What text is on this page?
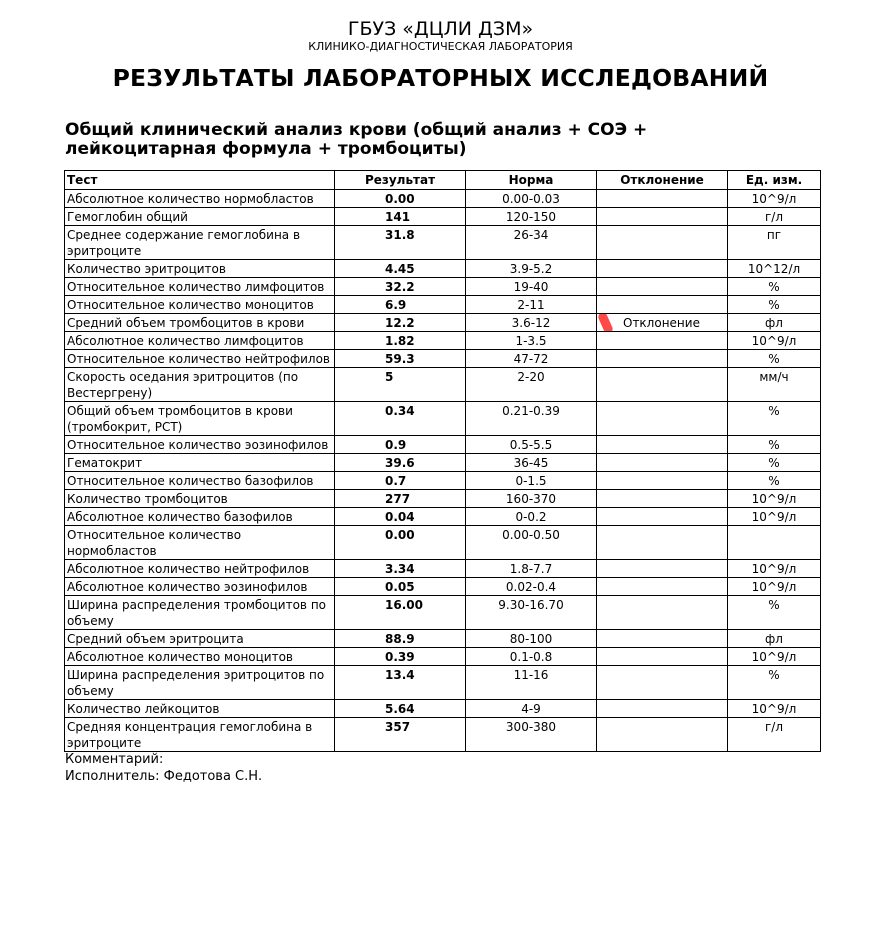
ГБУЗ «ДЦЛИ ДЗМ»
КЛИНИКО-ДИАГНОСТИЧЕСКАЯ ЛАБОРАТОРИЯ
РЕЗУЛЬТАТЫ ЛАБОРАТОРНЫХ ИССЛЕДОВАНИЙ
Общий клинический анализ крови (общий анализ + СОЭ + лейкоцитарная формула + тромбоциты)
Тест	Результат	Норма	Отклонение	Ед. изм.
Абсолютное количество нормобластов	0.00	0.00-0.03		10^9/л
Гемоглобин общий	141	120-150		г/л
Среднее содержание гемоглобина в эритроците	31.8	26-34		пг
Количество эритроцитов	4.45	3.9-5.2		10^12/л
Относительное количество лимфоцитов	32.2	19-40		%
Относительное количество моноцитов	6.9	2-11		%
Средний объем тромбоцитов в крови	12.2	3.6-12	Отклонение	фл
Абсолютное количество лимфоцитов	1.82	1-3.5		10^9/л
Относительное количество нейтрофилов	59.3	47-72		%
Скорость оседания эритроцитов (по Вестергрену)	5	2-20		мм/ч
Общий объем тромбоцитов в крови (тромбокрит, PCT)	0.34	0.21-0.39		%
Относительное количество эозинофилов	0.9	0.5-5.5		%
Гематокрит	39.6	36-45		%
Относительное количество базофилов	0.7	0-1.5		%
Количество тромбоцитов	277	160-370		10^9/л
Абсолютное количество базофилов	0.04	0-0.2		10^9/л
Относительное количество нормобластов	0.00	0.00-0.50		
Абсолютное количество нейтрофилов	3.34	1.8-7.7		10^9/л
Абсолютное количество эозинофилов	0.05	0.02-0.4		10^9/л
Ширина распределения тромбоцитов по объему	16.00	9.30-16.70		%
Средний объем эритроцита	88.9	80-100		фл
Абсолютное количество моноцитов	0.39	0.1-0.8		10^9/л
Ширина распределения эритроцитов по объему	13.4	11-16		%
Количество лейкоцитов	5.64	4-9		10^9/л
Средняя концентрация гемоглобина в эритроците	357	300-380		г/л
Комментарий:
Исполнитель: Федотова С.Н.
